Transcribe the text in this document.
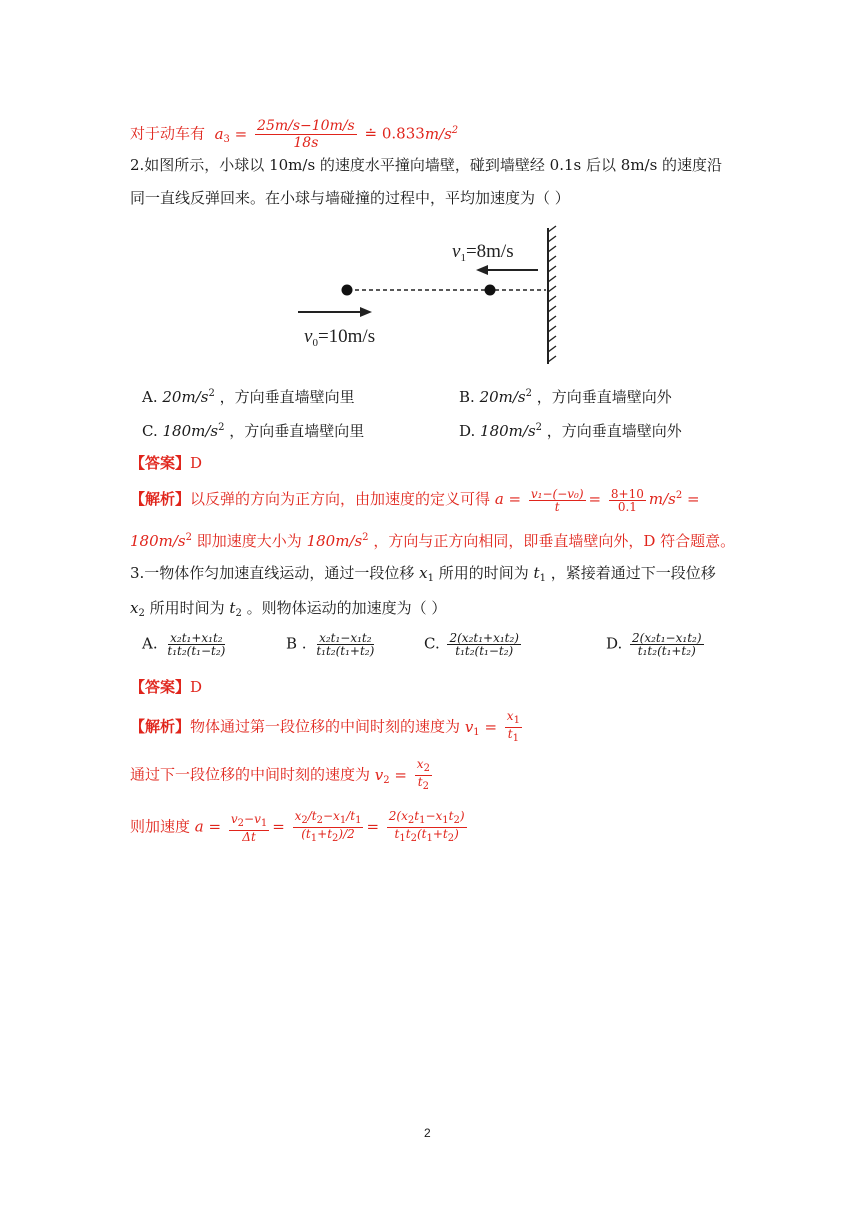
对于动车有 $a_3 = \frac{25m/s-10m/s}{18s}$ ≐ $0.833m/s^2$
2.如图所示，小球以 10m/s 的速度水平撞向墙壁，碰到墙壁经 0.1s 后以 8m/s 的速度沿
同一直线反弹回来。在小球与墙碰撞的过程中，平均加速度为（ ）
$v_1=8m/s$
$v_0=10m/s$
A. $20m/s^2$ ，方向垂直墙壁向里	B. $20m/s^2$ ，方向垂直墙壁向外
C. $180m/s^2$ ，方向垂直墙壁向里	D. $180m/s^2$ ，方向垂直墙壁向外
【答案】D
【解析】以反弹的方向为正方向，由加速度的定义可得 $a = \frac{\text{v₁−(−v₀)}}{t} = \frac{8+10}{0.1} m/s^2$ =
$180m/s^2$ 即加速度大小为 $180m/s^2$ ，方向与正方向相同，即垂直墙壁向外，D 符合题意。
3.一物体作匀加速直线运动，通过一段位移 $x_1$ 所用的时间为 $t_1$ ，紧接着通过下一段位移
$x_2$ 所用时间为 $t_2$ 。则物体运动的加速度为（ ）
A. $\frac{\text{x₂t₁+x₁t₂}}{\text{t₁t₂(t₁−t₂)}}$	B . $\frac{\text{x₂t₁−x₁t₂}}{\text{t₁t₂(t₁+t₂)}}$	C. $\frac{\text{2(x₂t₁+x₁t₂)}}{\text{t₁t₂(t₁−t₂)}}$	D. $\frac{\text{2(x₂t₁−x₁t₂)}}{\text{t₁t₂(t₁+t₂)}}$
【答案】D
【解析】物体通过第一段位移的中间时刻的速度为 $v_1 = \frac{x_1}{t_1}$
通过下一段位移的中间时刻的速度为 $v_2 = \frac{x_2}{t_2}$
则加速度 $a = \frac{v_2-v_1}{\Delta t} = \frac{x_2/t_2-x_1/t_1}{(t_1+t_2)/2} = \frac{2(x_2t_1-x_1t_2)}{t_1t_2(t_1+t_2)}$
2
